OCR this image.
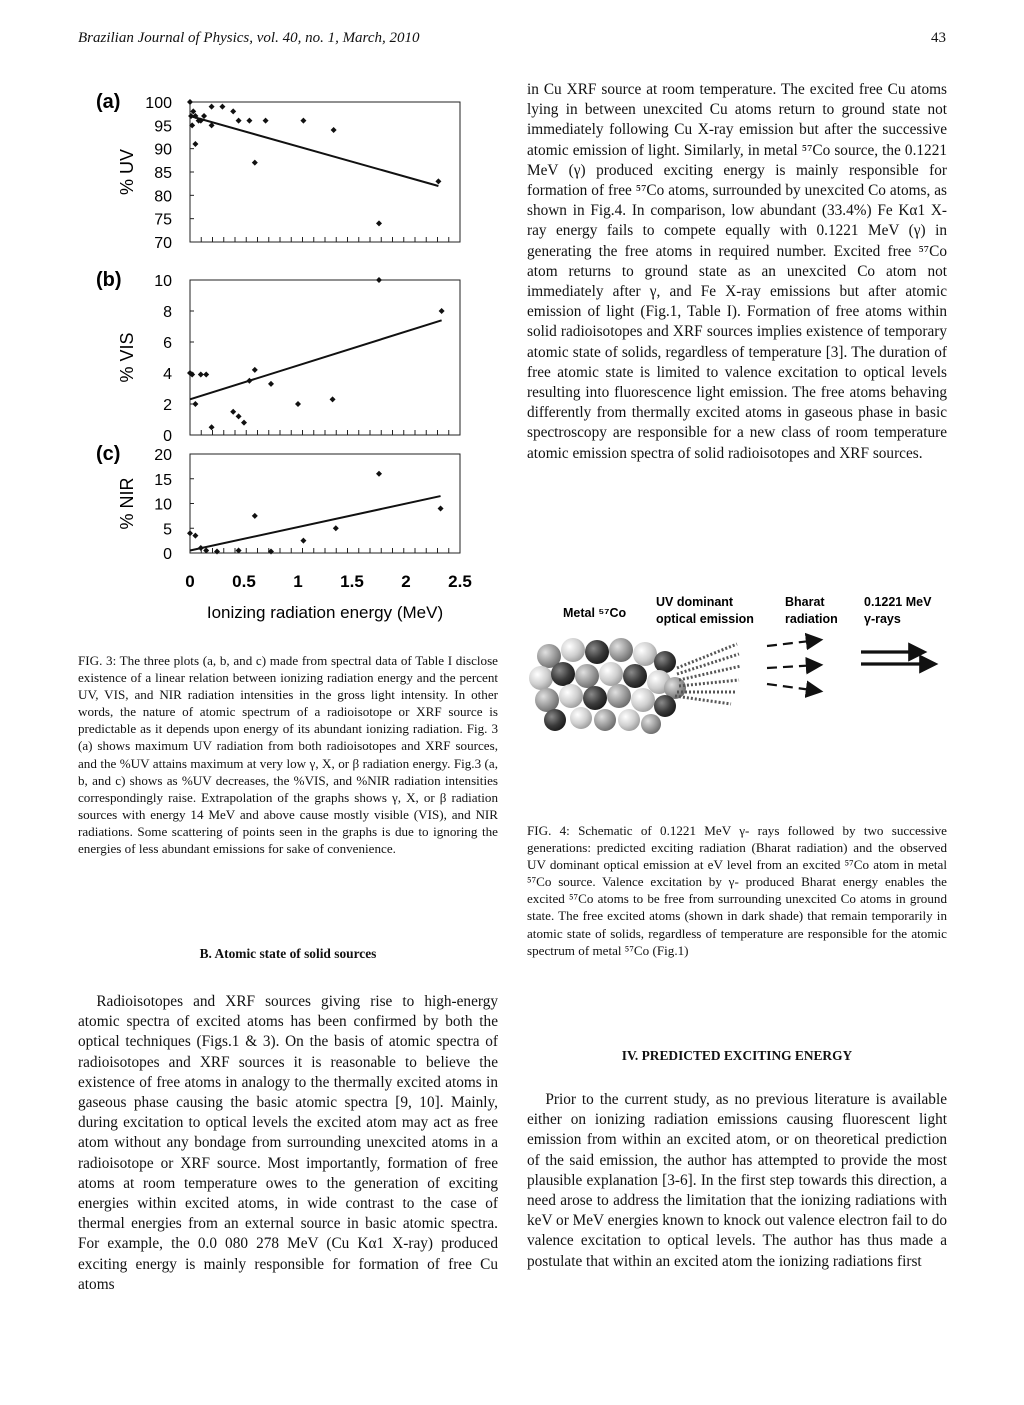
Brazilian Journal of Physics, vol. 40, no. 1, March, 2010	43
(a) 100
95
90
85
80
75
70
% UV
(b) 10
8
6
4
2
0
% VIS
(c) 20
15
10
5
0
% NIR
0 0.5 1 1.5 2 2.5
Ionizing radiation energy (MeV)
FIG. 3: The three plots (a, b, and c) made from spectral data of Table I disclose existence of a linear relation between ionizing radiation energy and the percent UV, VIS, and NIR radiation intensities in the gross light intensity. In other words, the nature of atomic spectrum of a radioisotope or XRF source is predictable as it depends upon energy of its abundant ionizing radiation. Fig. 3 (a) shows maximum UV radiation from both radioisotopes and XRF sources, and the %UV attains maximum at very low γ, X, or β radiation energy. Fig.3 (a, b, and c) shows as %UV decreases, the %VIS, and %NIR radiation intensities correspondingly raise. Extrapolation of the graphs shows γ, X, or β radiation sources with energy 14 MeV and above cause mostly visible (VIS), and NIR radiations. Some scattering of points seen in the graphs is due to ignoring the energies of less abundant emissions for sake of convenience.
B. Atomic state of solid sources
Radioisotopes and XRF sources giving rise to high-energy atomic spectra of excited atoms has been confirmed by both the optical techniques (Figs.1 & 3). On the basis of atomic spectra of radioisotopes and XRF sources it is reasonable to believe the existence of free atoms in analogy to the thermally excited atoms in gaseous phase causing the basic atomic spectra [9, 10]. Mainly, during excitation to optical levels the excited atom may act as free atom without any bondage from surrounding unexcited atoms in a radioisotope or XRF source. Most importantly, formation of free atoms at room temperature owes to the generation of exciting energies within excited atoms, in wide contrast to the case of thermal energies from an external source in basic atomic spectra. For example, the 0.0 080 278 MeV (Cu Kα1 X-ray) produced exciting energy is mainly responsible for formation of free Cu atoms
in Cu XRF source at room temperature. The excited free Cu atoms lying in between unexcited Cu atoms return to ground state not immediately following Cu X-ray emission but after the successive atomic emission of light. Similarly, in metal ⁵⁷Co source, the 0.1221 MeV (γ) produced exciting energy is mainly responsible for formation of free ⁵⁷Co atoms, surrounded by unexcited Co atoms, as shown in Fig.4. In comparison, low abundant (33.4%) Fe Kα1 X-ray energy fails to compete equally with 0.1221 MeV (γ) in generating the free atoms in required number. Excited free ⁵⁷Co atom returns to ground state as an unexcited Co atom not immediately after γ, and Fe X-ray emissions but after atomic emission of light (Fig.1, Table I). Formation of free atoms within solid radioisotopes and XRF sources implies existence of temporary atomic state of solids, regardless of temperature [3]. The duration of free atomic state is limited to valence excitation to optical levels resulting into fluorescence light emission. The free atoms behaving differently from thermally excited atoms in gaseous phase in basic spectroscopy are responsible for a new class of room temperature atomic emission spectra of solid radioisotopes and XRF sources.
Metal ⁵⁷Co
UV dominant
optical emission
Bharat
radiation
0.1221 MeV
γ-rays
FIG. 4: Schematic of 0.1221 MeV γ- rays followed by two successive generations: predicted exciting radiation (Bharat radiation) and the observed UV dominant optical emission at eV level from an excited ⁵⁷Co atom in metal ⁵⁷Co source. Valence excitation by γ- produced Bharat energy enables the excited ⁵⁷Co atoms to be free from surrounding unexcited Co atoms in ground state. The free excited atoms (shown in dark shade) that remain temporarily in atomic state of solids, regardless of temperature are responsible for the atomic spectrum of metal ⁵⁷Co (Fig.1)
IV. PREDICTED EXCITING ENERGY
Prior to the current study, as no previous literature is available either on ionizing radiation emissions causing fluorescent light emission from within an excited atom, or on theoretical prediction of the said emission, the author has attempted to provide the most plausible explanation [3-6]. In the first step towards this direction, a need arose to address the limitation that the ionizing radiations with keV or MeV energies known to knock out valence electron fail to do valence excitation to optical levels. The author has thus made a postulate that within an excited atom the ionizing radiations first
